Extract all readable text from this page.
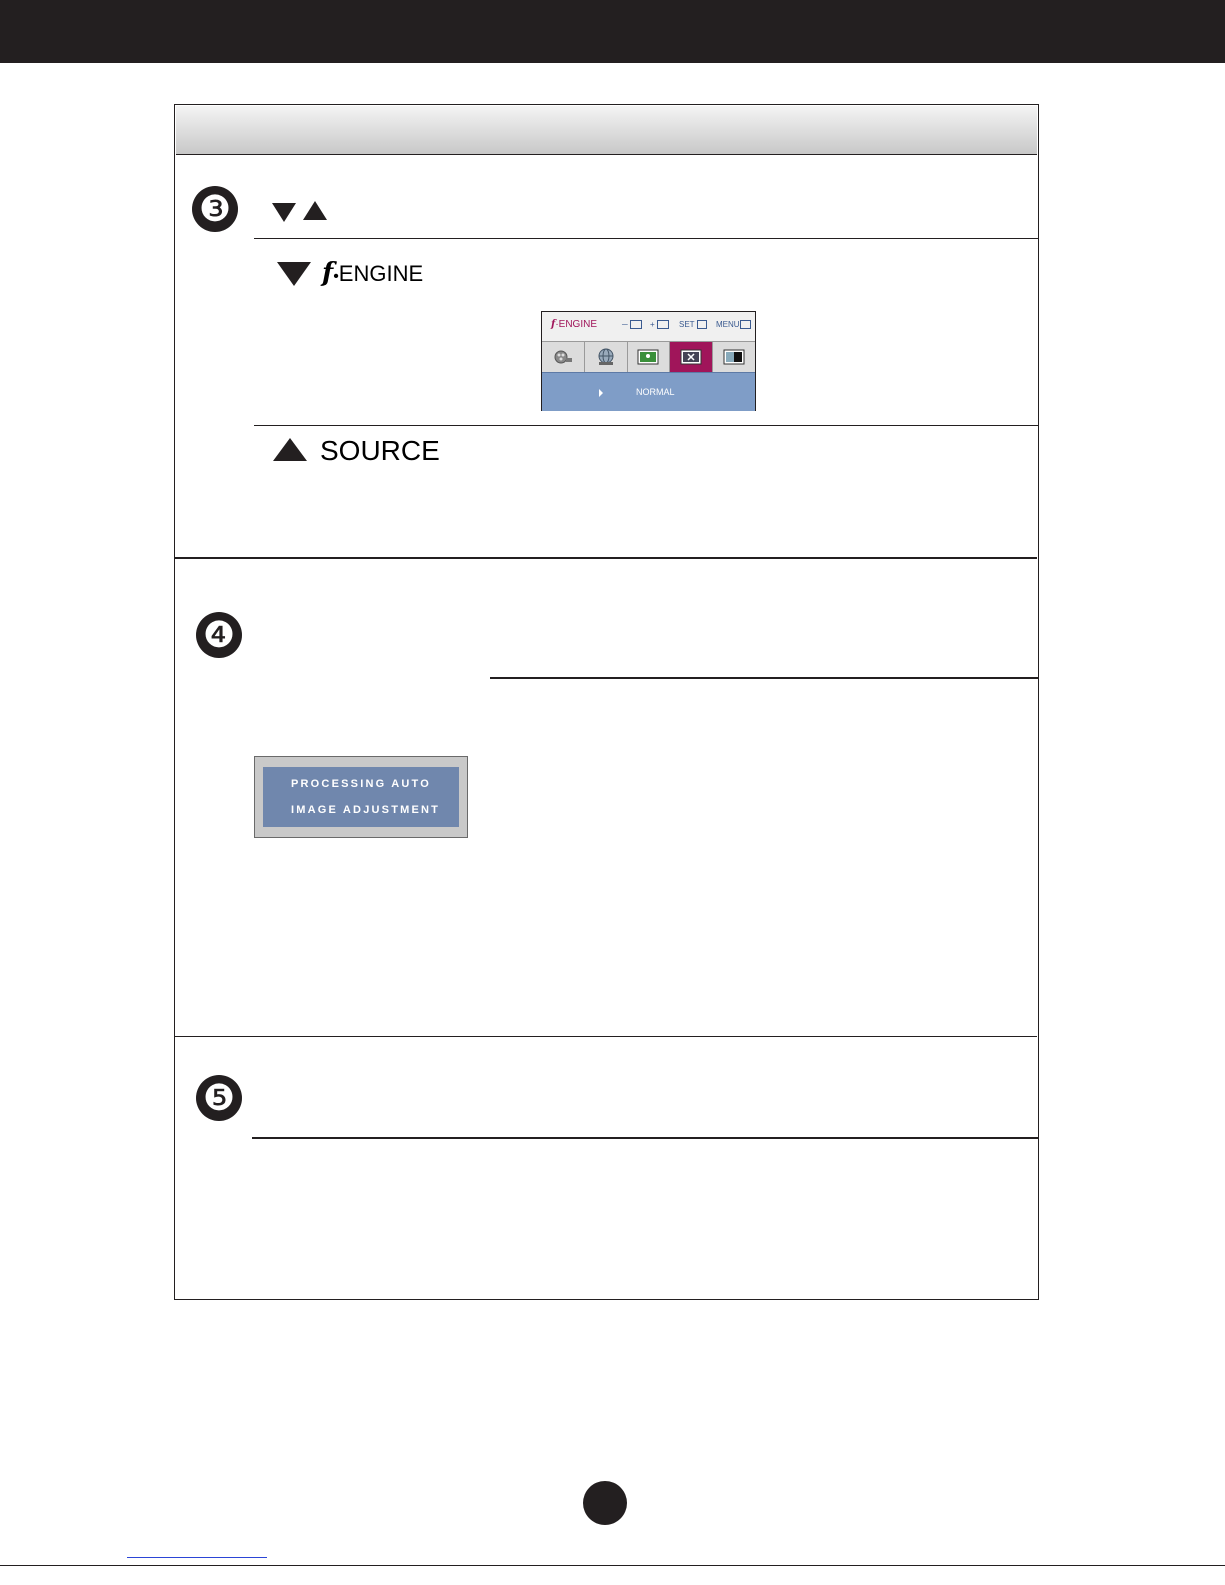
❸
f•ENGINE
f·ENGINE	─	+	SET	MENU
NORMAL
SOURCE
❹
PROCESSING AUTO
IMAGE ADJUSTMENT
❺
